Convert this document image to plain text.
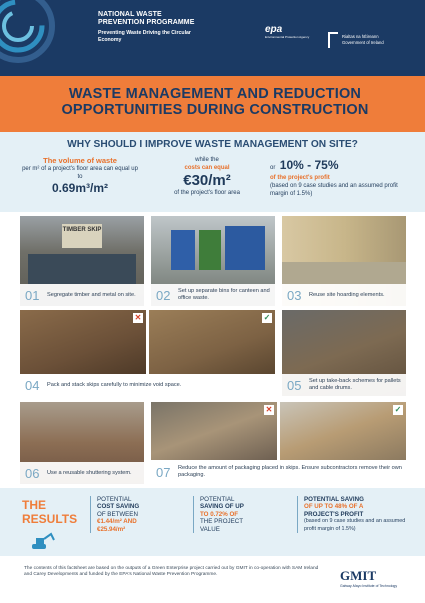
NATIONAL WASTE PREVENTION PROGRAMME
Preventing Waste Driving the Circular Economy
epa
Environmental Protection Agency	Rialtas na hÉireann Government of Ireland
WASTE MANAGEMENT AND REDUCTION OPPORTUNITIES DURING CONSTRUCTION
WHY SHOULD I IMPROVE WASTE MANAGEMENT ON SITE?
The volume of waste
per m² of a project's floor area can equal up to
0.69m³/m²
while the
costs can equal
€30/m²
of the project's floor area
or 10% - 75%
of the project's profit
(based on 9 case studies and an assumed profit margin of 1.5%)
TIMBER SKIP
01	Segregate timber and metal on site.	02	Set up separate bins for canteen and office waste.	03	Reuse site hoarding elements.
✕	✓
04	Pack and stack skips carefully to minimize void space.	05	Set up take-back schemes for pallets and cable drums.
06	Use a reusable shuttering system.
✕	✓
07	Reduce the amount of packaging placed in skips. Ensure subcontractors remove their own packaging.
THE
RESULTS
POTENTIAL
COST SAVING
OF BETWEEN
€1.44/m² AND
€25.94/m²
POTENTIAL
SAVING OF UP
TO 0.72% OF
THE PROJECT
VALUE
POTENTIAL SAVING
OF UP TO 48% OF A
PROJECT'S PROFIT
(based on 9 case studies and an assumed profit margin of 1.5%)
The contents of this factsheet are based on the outputs of a Green Enterprise project carried out by GMIT in co-operation with SAM Ireland and Carey Developments and funded by the EPA's National Waste Prevention Programme.	GMIT
Galway-Mayo Institute of Technology
